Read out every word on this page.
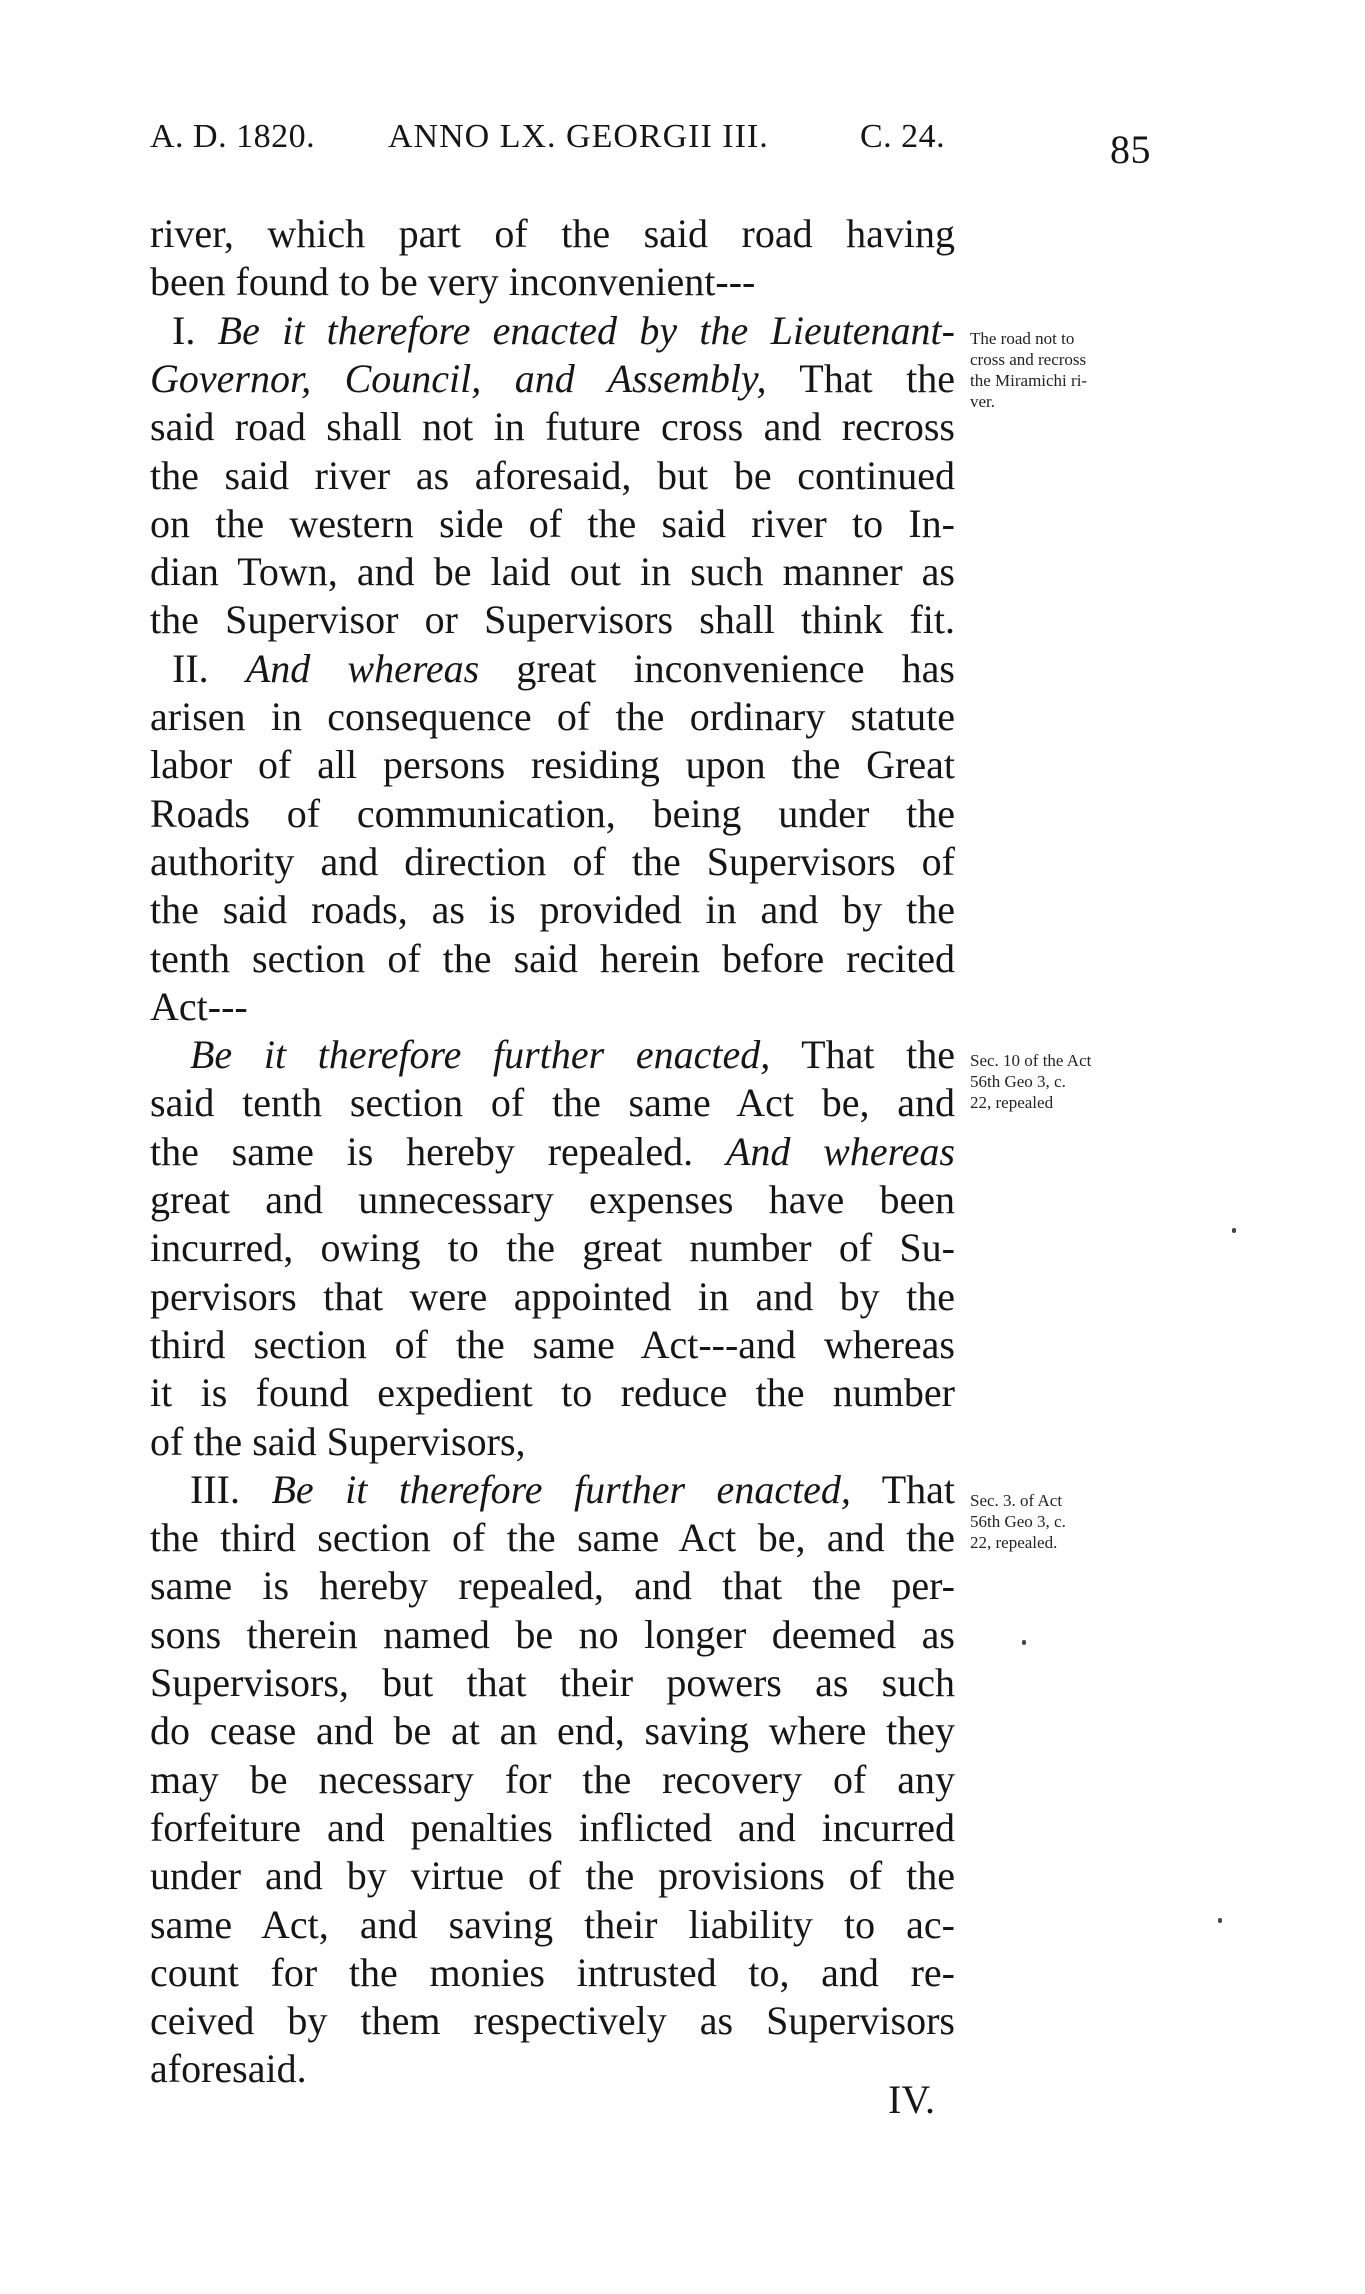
A. D. 1820. ANNO LX. GEORGII III.	C. 24.	85
river, which part of the said road having
been found to be very inconvenient---
I. Be it therefore enacted by the Lieutenant-
Governor, Council, and Assembly, That the
said road shall not in future cross and recross
the said river as aforesaid, but be continued
on the western side of the said river to In-
dian Town, and be laid out in such manner as
the Supervisor or Supervisors shall think fit.
II. And whereas great inconvenience has
arisen in consequence of the ordinary statute
labor of all persons residing upon the Great
Roads of communication, being under the
authority and direction of the Supervisors of
the said roads, as is provided in and by the
tenth section of the said herein before recited
Act---
Be it therefore further enacted, That the
said tenth section of the same Act be, and
the same is hereby repealed. And whereas
great and unnecessary expenses have been
incurred, owing to the great number of Su-
pervisors that were appointed in and by the
third section of the same Act---and whereas
it is found expedient to reduce the number
of the said Supervisors,
III. Be it therefore further enacted, That
the third section of the same Act be, and the
same is hereby repealed, and that the per-
sons therein named be no longer deemed as
Supervisors, but that their powers as such
do cease and be at an end, saving where they
may be necessary for the recovery of any
forfeiture and penalties inflicted and incurred
under and by virtue of the provisions of the
same Act, and saving their liability to ac-
count for the monies intrusted to, and re-
ceived by them respectively as Supervisors
aforesaid.
IV.
The road not to
cross and recross
the Miramichi ri-
ver.
Sec. 10 of the Act
56th Geo 3, c.
22, repealed
Sec. 3. of Act
56th Geo 3, c.
22, repealed.
